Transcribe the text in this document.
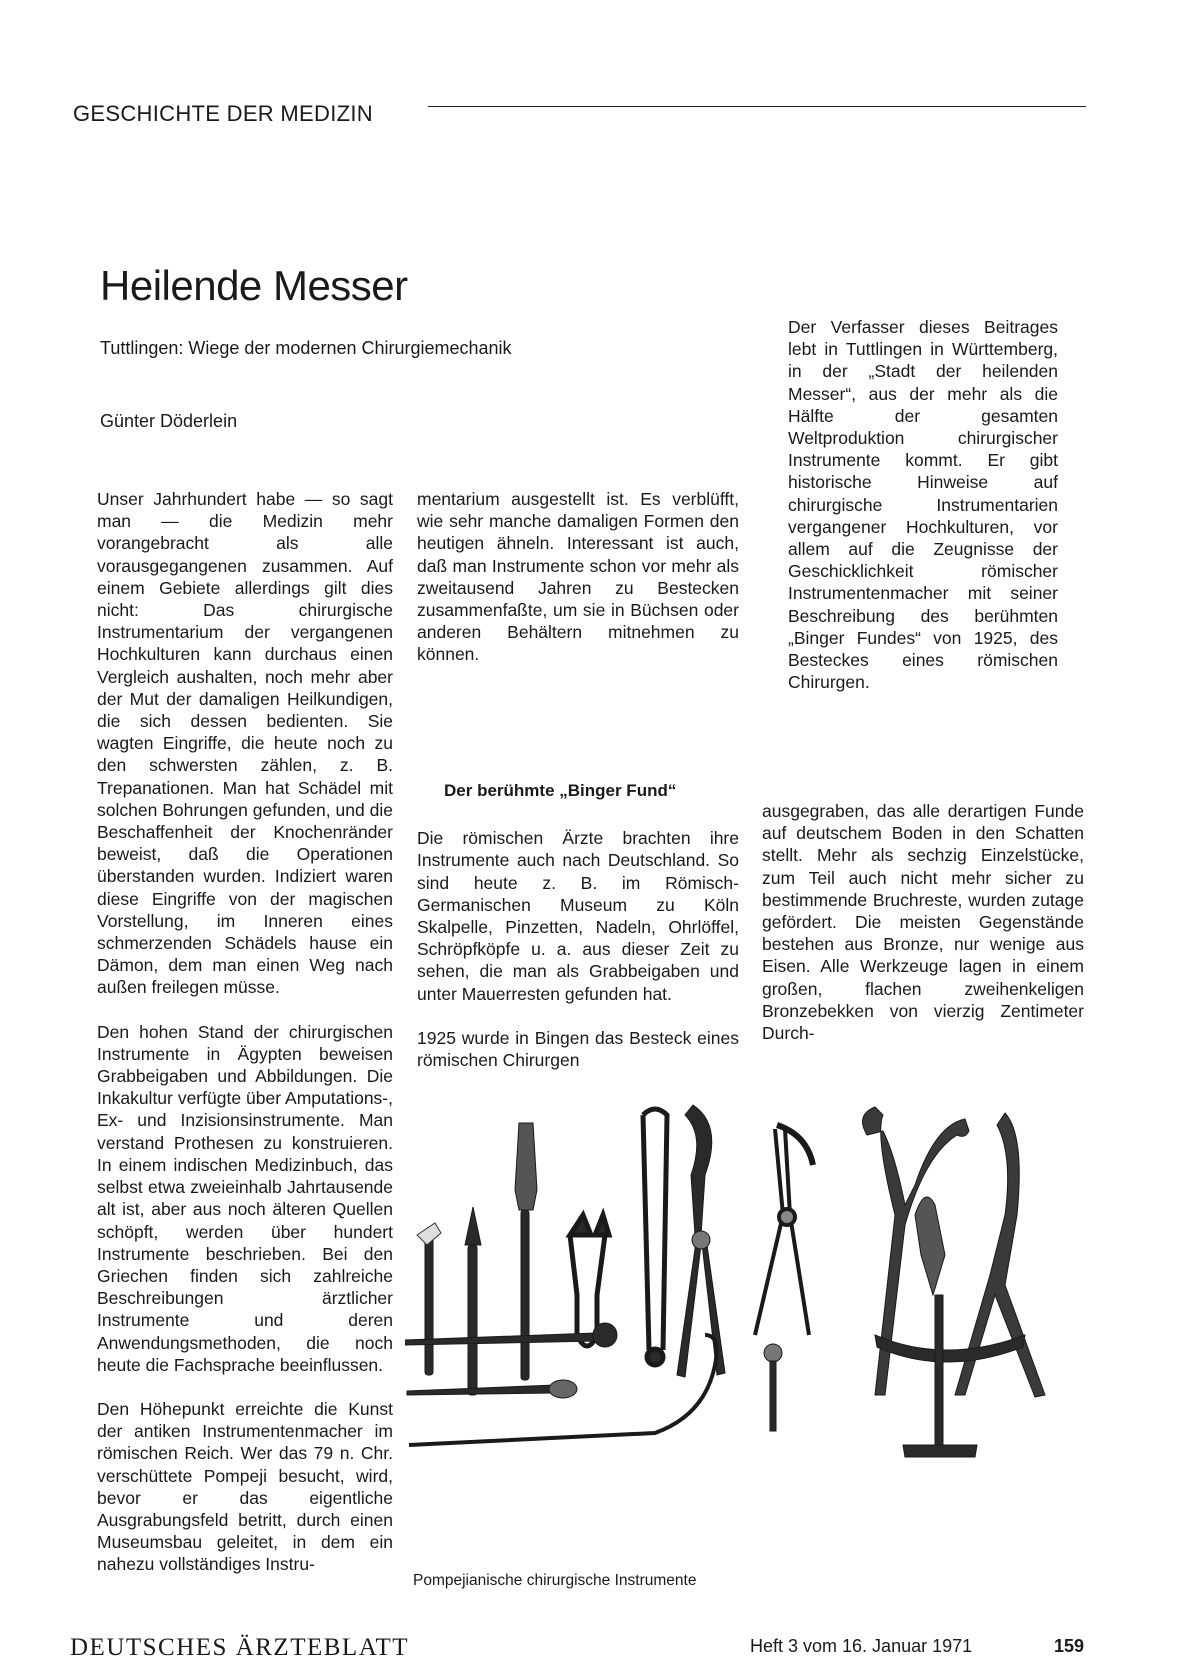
GESCHICHTE DER MEDIZIN
Heilende Messer
Tuttlingen: Wiege der modernen Chirurgiemechanik
Günter Döderlein
Der Verfasser dieses Beitrages lebt in Tuttlingen in Württemberg, in der „Stadt der heilenden Messer“, aus der mehr als die Hälfte der gesamten Weltproduktion chirurgischer Instrumente kommt. Er gibt historische Hinweise auf chirurgische Instrumentarien vergangener Hochkulturen, vor allem auf die Zeugnisse der Geschicklichkeit römischer Instrumentenmacher mit seiner Beschreibung des berühmten „Binger Fundes“ von 1925, des Besteckes eines römischen Chirurgen.

Unser Jahrhundert habe — so sagt man — die Medizin mehr vorangebracht als alle vorausgegangenen zusammen. Auf einem Gebiete allerdings gilt dies nicht: Das chirurgische Instrumentarium der vergangenen Hochkulturen kann durchaus einen Vergleich aushalten, noch mehr aber der Mut der damaligen Heilkundigen, die sich dessen bedienten. Sie wagten Eingriffe, die heute noch zu den schwersten zählen, z. B. Trepanationen. Man hat Schädel mit solchen Bohrungen gefunden, und die Beschaffenheit der Knochenränder beweist, daß die Operationen überstanden wurden. Indiziert waren diese Eingriffe von der magischen Vorstellung, im Inneren eines schmerzenden Schädels hause ein Dämon, dem man einen Weg nach außen freilegen müsse.

Den hohen Stand der chirurgischen Instrumente in Ägypten beweisen Grabbeigaben und Abbildungen. Die Inkakultur verfügte über Amputations-, Ex- und Inzisionsinstrumente. Man verstand Prothesen zu konstruieren. In einem indischen Medizinbuch, das selbst etwa zweieinhalb Jahrtausende alt ist, aber aus noch älteren Quellen schöpft, werden über hundert Instrumente beschrieben. Bei den Griechen finden sich zahlreiche Beschreibungen ärztlicher Instrumente und deren Anwendungsmethoden, die noch heute die Fachsprache beeinflussen.

Den Höhepunkt erreichte die Kunst der antiken Instrumentenmacher im römischen Reich. Wer das 79 n. Chr. verschüttete Pompeji besucht, wird, bevor er das eigentliche Ausgrabungsfeld betritt, durch einen Museumsbau geleitet, in dem ein nahezu vollständiges Instru-

mentarium ausgestellt ist. Es verblüfft, wie sehr manche damaligen Formen den heutigen ähneln. Interessant ist auch, daß man Instrumente schon vor mehr als zweitausend Jahren zu Bestecken zusammenfaßte, um sie in Büchsen oder anderen Behältern mitnehmen zu können.

Der berühmte „Binger Fund“

Die römischen Ärzte brachten ihre Instrumente auch nach Deutschland. So sind heute z. B. im Römisch-Germanischen Museum zu Köln Skalpelle, Pinzetten, Nadeln, Ohrlöffel, Schröpfköpfe u. a. aus dieser Zeit zu sehen, die man als Grabbeigaben und unter Mauerresten gefunden hat.

1925 wurde in Bingen das Besteck eines römischen Chirurgen

ausgegraben, das alle derartigen Funde auf deutschem Boden in den Schatten stellt. Mehr als sechzig Einzelstücke, zum Teil auch nicht mehr sicher zu bestimmende Bruchreste, wurden zutage gefördert. Die meisten Gegenstände bestehen aus Bronze, nur wenige aus Eisen. Alle Werkzeuge lagen in einem großen, flachen zweihenkeligen Bronzebekken von vierzig Zentimeter Durch-

Pompejianische chirurgische Instrumente
DEUTSCHES ÄRZTEBLATT	Heft 3 vom 16. Januar 1971	159
